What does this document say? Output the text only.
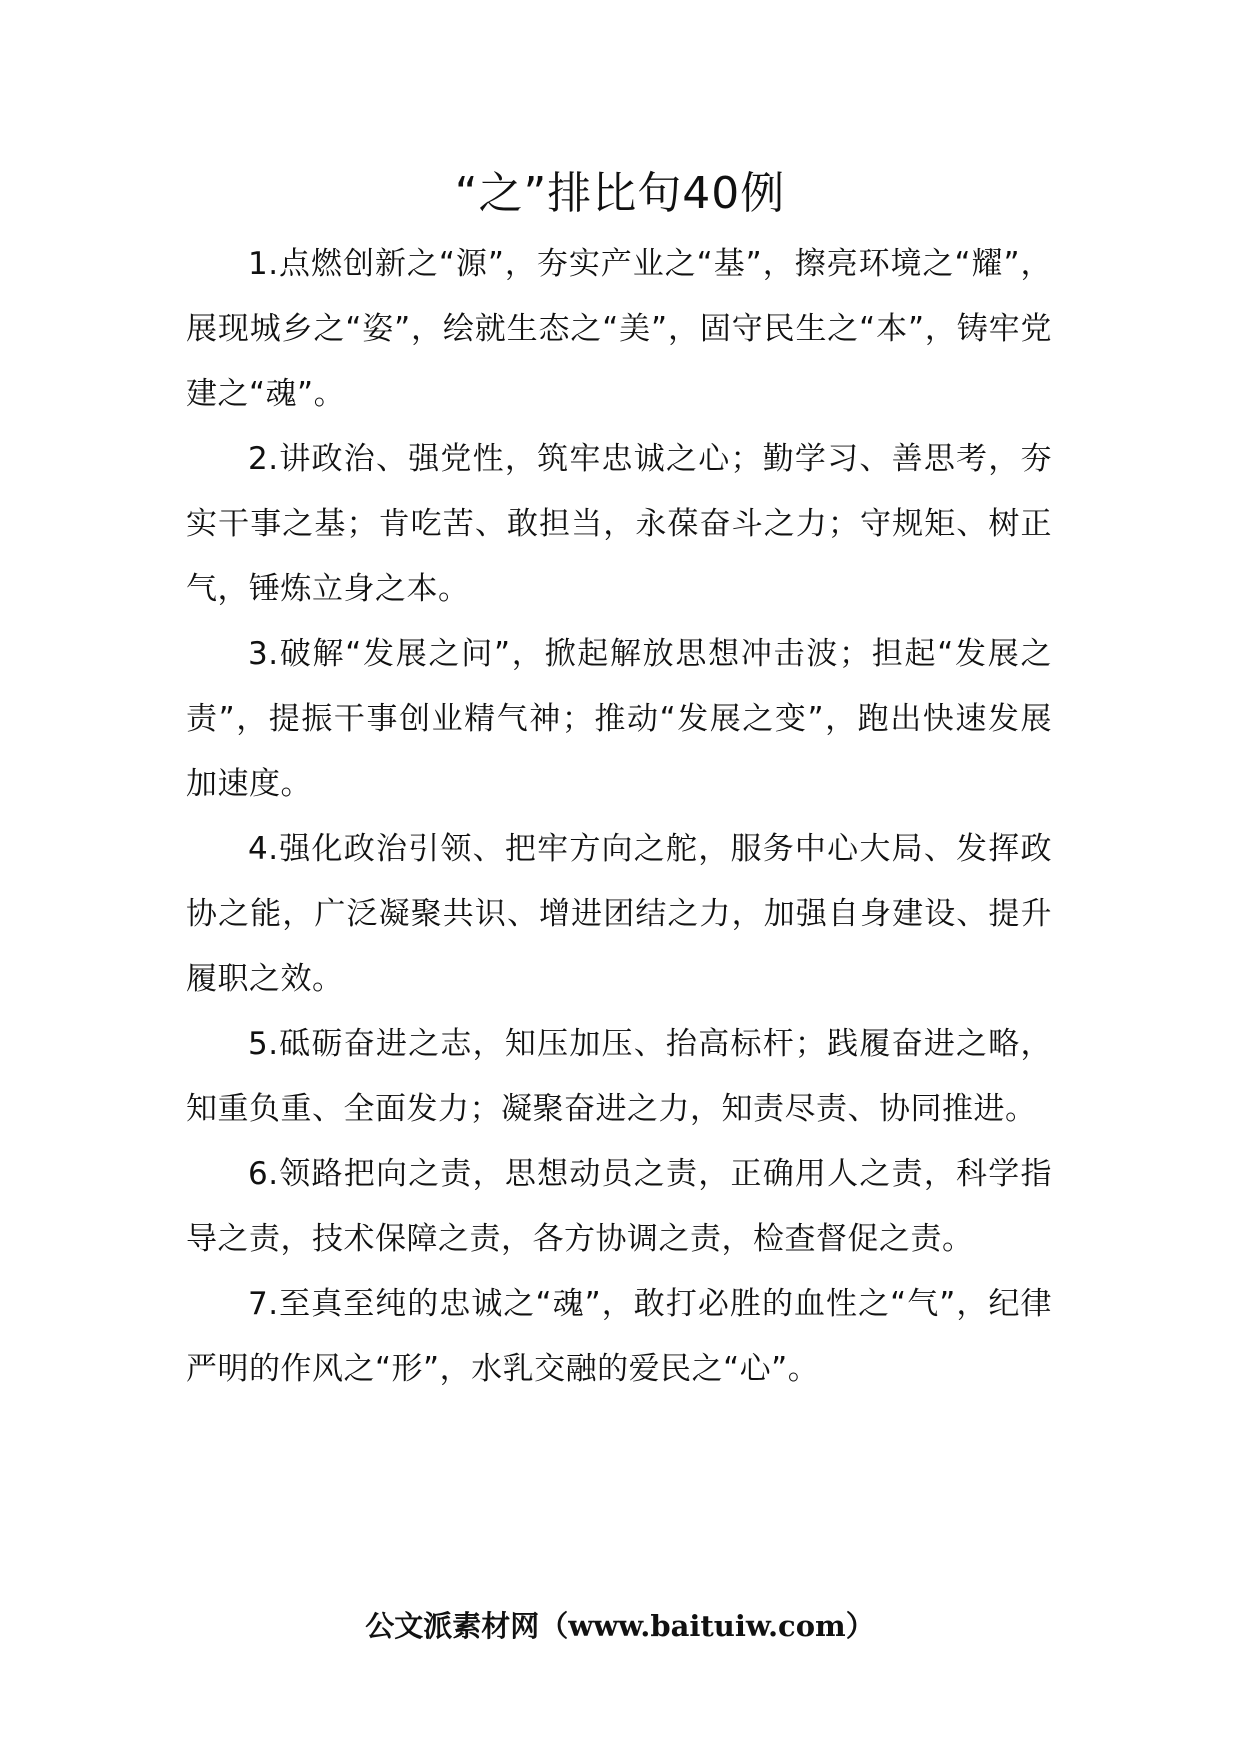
“之”排比句40例

1.点燃创新之“源”，夯实产业之“基”，擦亮环境之“耀”，展现城乡之“姿”，绘就生态之“美”，固守民生之“本”，铸牢党建之“魂”。

2.讲政治、强党性，筑牢忠诚之心；勤学习、善思考，夯实干事之基；肯吃苦、敢担当，永葆奋斗之力；守规矩、树正气，锤炼立身之本。

3.破解“发展之问”，掀起解放思想冲击波；担起“发展之责”，提振干事创业精气神；推动“发展之变”，跑出快速发展加速度。

4.强化政治引领、把牢方向之舵，服务中心大局、发挥政协之能，广泛凝聚共识、增进团结之力，加强自身建设、提升履职之效。

5.砥砺奋进之志，知压加压、抬高标杆；践履奋进之略，知重负重、全面发力；凝聚奋进之力，知责尽责、协同推进。

6.领路把向之责，思想动员之责，正确用人之责，科学指导之责，技术保障之责，各方协调之责，检查督促之责。

7.至真至纯的忠诚之“魂”，敢打必胜的血性之“气”，纪律严明的作风之“形”，水乳交融的爱民之“心”。

公文派素材网（www.baituiw.com）
